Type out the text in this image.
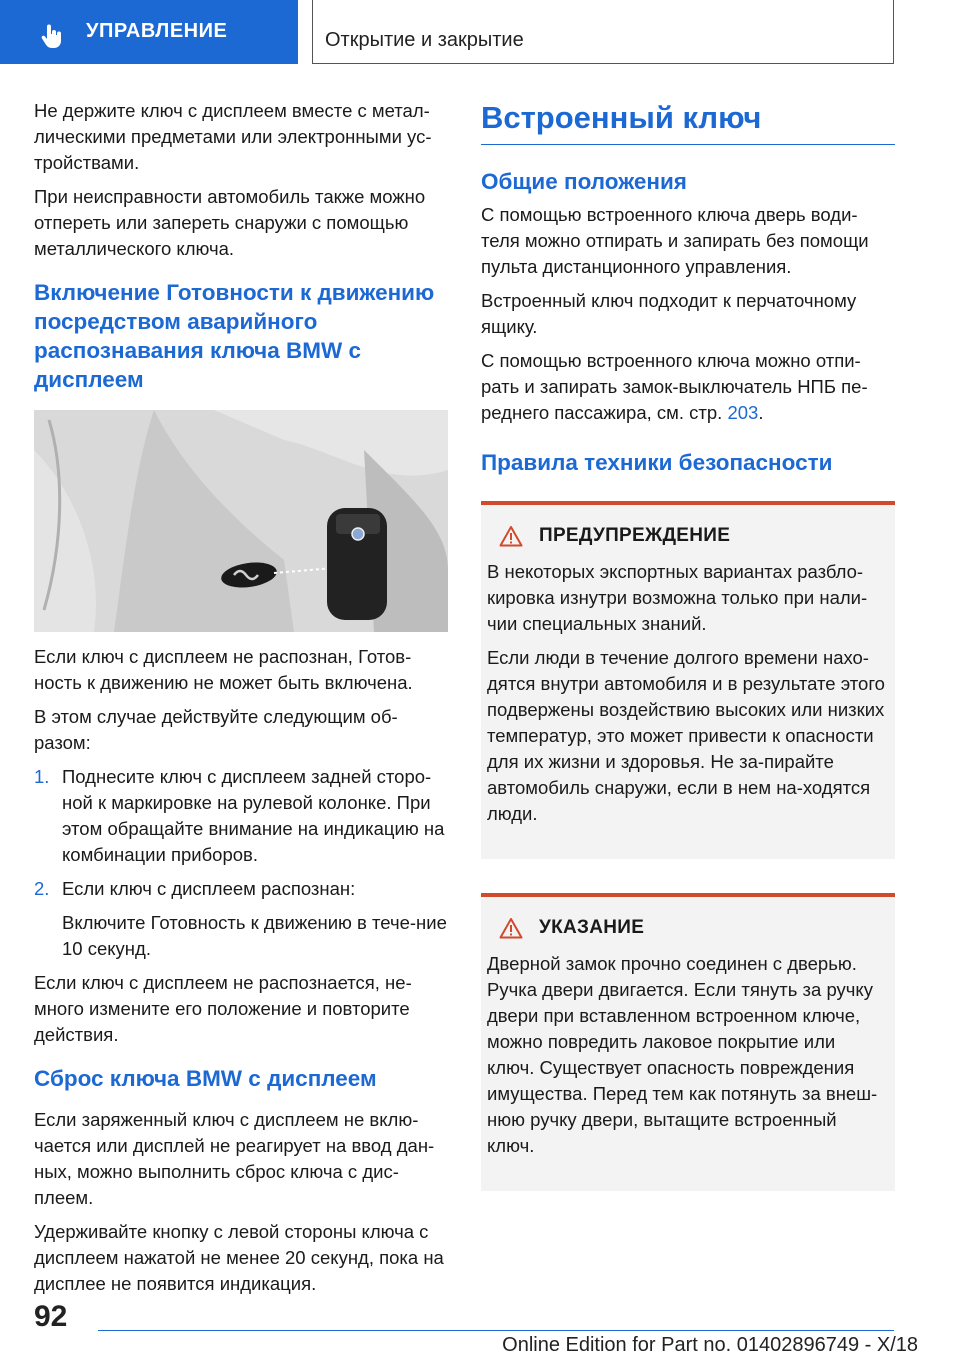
УПРАВЛЕНИЕ	Открытие и закрытие

Не держите ключ с дисплеем вместе с метал-лическими предметами или электронными ус-тройствами.

При неисправности автомобиль также можно отпереть или запереть снаружи с помощью металлического ключа.

Включение Готовности к движению посредством аварийного распознавания ключа BMW с дисплеем

Если ключ с дисплеем не распознан, Готов-ность к движению не может быть включена.

В этом случае действуйте следующим об-разом:

1. Поднесите ключ с дисплеем задней сторо-ной к маркировке на рулевой колонке. При этом обращайте внимание на индикацию на комбинации приборов.
2. Если ключ с дисплеем распознан:
Включите Готовность к движению в тече-ние 10 секунд.

Если ключ с дисплеем не распознается, не-много измените его положение и повторите действия.

Сброс ключа BMW с дисплеем

Если заряженный ключ с дисплеем не вклю-чается или дисплей не реагирует на ввод дан-ных, можно выполнить сброс ключа с дис-плеем.

Удерживайте кнопку с левой стороны ключа с дисплеем нажатой не менее 20 секунд, пока на дисплее не появится индикация.

Встроенный ключ
Общие положения

С помощью встроенного ключа дверь води-теля можно отпирать и запирать без помощи пульта дистанционного управления.

Встроенный ключ подходит к перчаточному ящику.

С помощью встроенного ключа можно отпи-рать и запирать замок-выключатель НПБ пе-реднего пассажира, см. стр. 203.

Правила техники безопасности
ПРЕДУПРЕЖДЕНИЕ

В некоторых экспортных вариантах разбло-кировка изнутри возможна только при нали-чии специальных знаний.

Если люди в течение долгого времени нахо-дятся внутри автомобиля и в результате этого подвержены воздействию высоких или низких температур, это может привести к опасности для их жизни и здоровья. Не за-пирайте автомобиль снаружи, если в нем на-ходятся люди.

УКАЗАНИЕ

Дверной замок прочно соединен с дверью. Ручка двери двигается. Если тянуть за ручку двери при вставленном встроенном ключе, можно повредить лаковое покрытие или ключ. Существует опасность повреждения имущества. Перед тем как потянуть за внеш-нюю ручку двери, вытащите встроенный ключ.

92
Online Edition for Part no. 01402896749 - X/18
